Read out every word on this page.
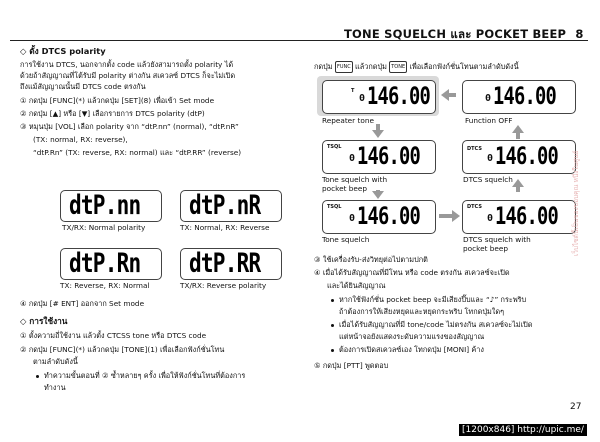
TONE SQUELCH และ POCKET BEEP 8
◇ ตั้ง DTCS polarity
การใช้งาน DTCS, นอกจากตั้ง code แล้วยังสามารถตั้ง polarity ได้
ด้วยถ้าสัญญาณที่โต้รับมี polarity ต่างกัน สเควลซ์ DTCS ก็จะไม่เปิด
ถึงแม้สัญญาณนั้นมี DTCS code ตรงกัน
① กดปุ่ม [FUNC](*) แล้วกดปุ่ม [SET](8) เพื่อเข้า Set mode
② กดปุ่ม [▲] หรือ [▼] เลือกรายการ DTCS polarity (dtP)
③ หมุนปุ่ม [VOL] เลือก polarity จาก “dtP.nn” (normal), “dtP.nR”
(TX: normal, RX: reverse),
“dtP.Rn” (TX: reverse, RX: normal) และ “dtP.RR” (reverse)
dtP.nn
TX/RX: Normal polarity
dtP.nR
TX: Normal, RX: Reverse
dtP.Rn
TX: Reverse, RX: Normal
dtP.RR
TX/RX: Reverse polarity
④ กดปุ่ม [# ENT] ออกจาก Set mode
◇ การใช้งาน
① ตั้งความถี่ใช้งาน แล้วตั้ง CTCSS tone หรือ DTCS code
② กดปุ่ม [FUNC](*) แล้วกดปุ่ม [TONE](1) เพื่อเลือกฟังก์ชั่นโทน
ตามลำดับดังนี้
ทำความขั้นตอนที่ ② ซ้ำหลายๆ ครั้ง เพื่อให้ฟังก์ชั่นโทนที่ต้องการ
ทำงาน
กดปุ่ม FUNC แล้วกดปุ่ม TONE เพื่อเลือกฟังก์ชั่นโทนตามลำดับดังนี้
T
0 146.00
Repeater tone
0 146.00
Function OFF
TSQL
0 146.00
Tone squelch with
pocket beep
DTCS
0 146.00
DTCS squelch
TSQL
0 146.00
Tone squelch
DTCS
0 146.00
DTCS squelch with
pocket beep
③ ใช้เครื่องรับ-ส่งวิทยุต่อไปตามปกติ
④ เมื่อได้รับสัญญาณที่มีโทน หรือ code ตรงกัน สเควลซ์จะเปิด
และได้ยินสัญญาณ
หากใช้ฟังก์ชั่น pocket beep จะมีเสียงปี๊บและ “♪” กระพริบ
ถ้าต้องการให้เสียงหยุดและหยุดกระพริบ โทกดปุ่มใดๆ
เมื่อได้รับสัญญาณที่มี tone/code ไม่ตรงกัน สเควลซ์จะไม่เปิด
แต่หน้าจอยังแสดงระดับความแรงของสัญญาณ
ต้องการเปิดสเควลซ์เอง โทกดปุ่ม [MONI] ค้าง
⑤ กดปุ่ม [PTT] พูดตอบ
เว็บไซต์นี้เป็นของขอบคุณ หนึ่งในศูนย์
27
[1200x846] http://upic.me/
